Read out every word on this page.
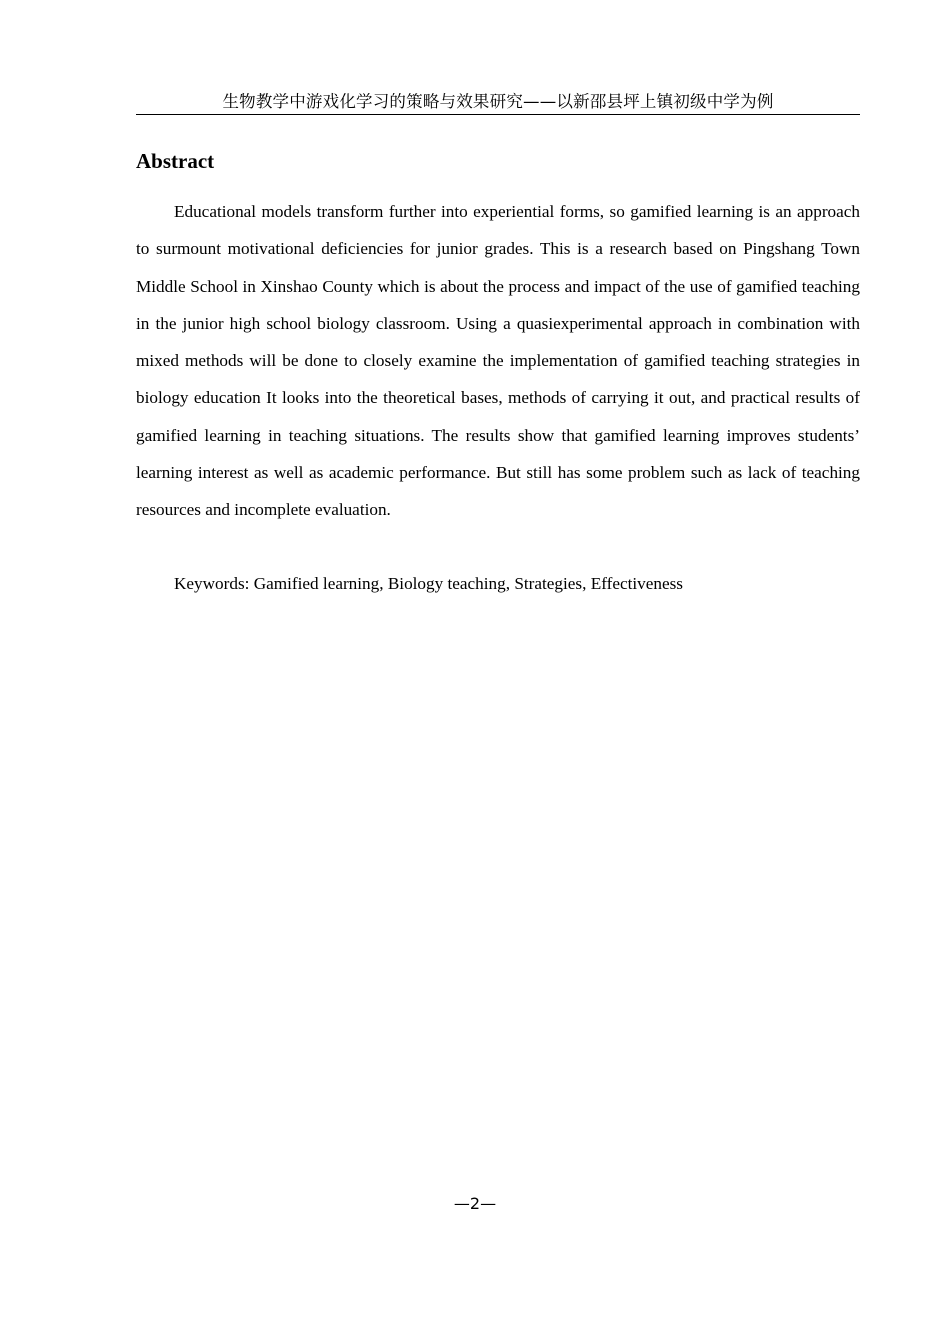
生物教学中游戏化学习的策略与效果研究——以新邵县坪上镇初级中学为例
Abstract

Educational models transform further into experiential forms, so gamified learning is an approach to surmount motivational deficiencies for junior grades. This is a research based on Pingshang Town Middle School in Xinshao County which is about the process and impact of the use of gamified teaching in the junior high school biology classroom. Using a quasiexperimental approach in combination with mixed methods will be done to closely examine the implementation of gamified teaching strategies in biology education It looks into the theoretical bases, methods of carrying it out, and practical results of gamified learning in teaching situations. The results show that gamified learning improves students’ learning interest as well as academic performance. But still has some problem such as lack of teaching resources and incomplete evaluation.

Keywords: Gamified learning, Biology teaching, Strategies, Effectiveness

—2—
